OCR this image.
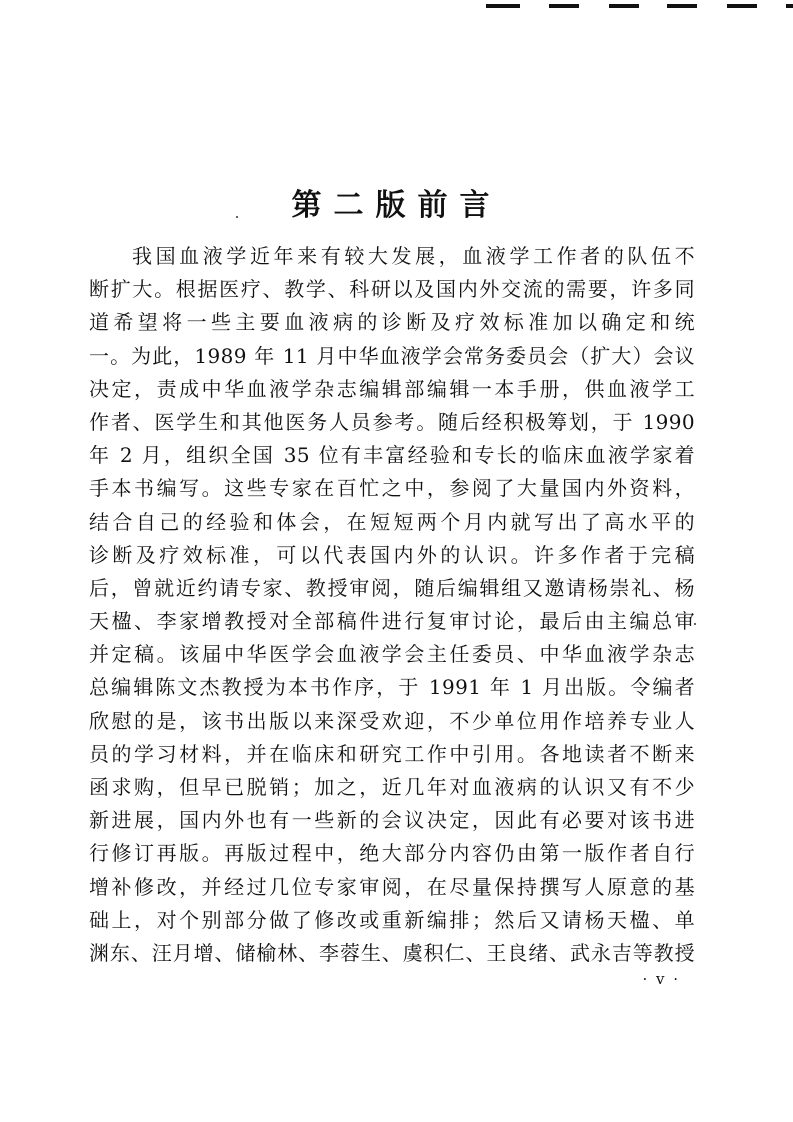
第二版前言
我国血液学近年来有较大发展，血液学工作者的队伍不
断扩大。根据医疗、教学、科研以及国内外交流的需要，许多同
道希望将一些主要血液病的诊断及疗效标准加以确定和统
一。为此，1989 年 11 月中华血液学会常务委员会（扩大）会议
决定，责成中华血液学杂志编辑部编辑一本手册，供血液学工
作者、医学生和其他医务人员参考。随后经积极筹划，于 1990
年 2 月，组织全国 35 位有丰富经验和专长的临床血液学家着
手本书编写。这些专家在百忙之中，参阅了大量国内外资料，
结合自己的经验和体会，在短短两个月内就写出了高水平的
诊断及疗效标准，可以代表国内外的认识。许多作者于完稿
后，曾就近约请专家、教授审阅，随后编辑组又邀请杨崇礼、杨
天楹、李家增教授对全部稿件进行复审讨论，最后由主编总审
并定稿。该届中华医学会血液学会主任委员、中华血液学杂志
总编辑陈文杰教授为本书作序，于 1991 年 1 月出版。令编者
欣慰的是，该书出版以来深受欢迎，不少单位用作培养专业人
员的学习材料，并在临床和研究工作中引用。各地读者不断来
函求购，但早已脱销；加之，近几年对血液病的认识又有不少
新进展，国内外也有一些新的会议决定，因此有必要对该书进
行修订再版。再版过程中，绝大部分内容仍由第一版作者自行
增补修改，并经过几位专家审阅，在尽量保持撰写人原意的基
础上，对个别部分做了修改或重新编排；然后又请杨天楹、单
渊东、汪月增、储榆林、李蓉生、虞积仁、王良绪、武永吉等教授
· v ·
